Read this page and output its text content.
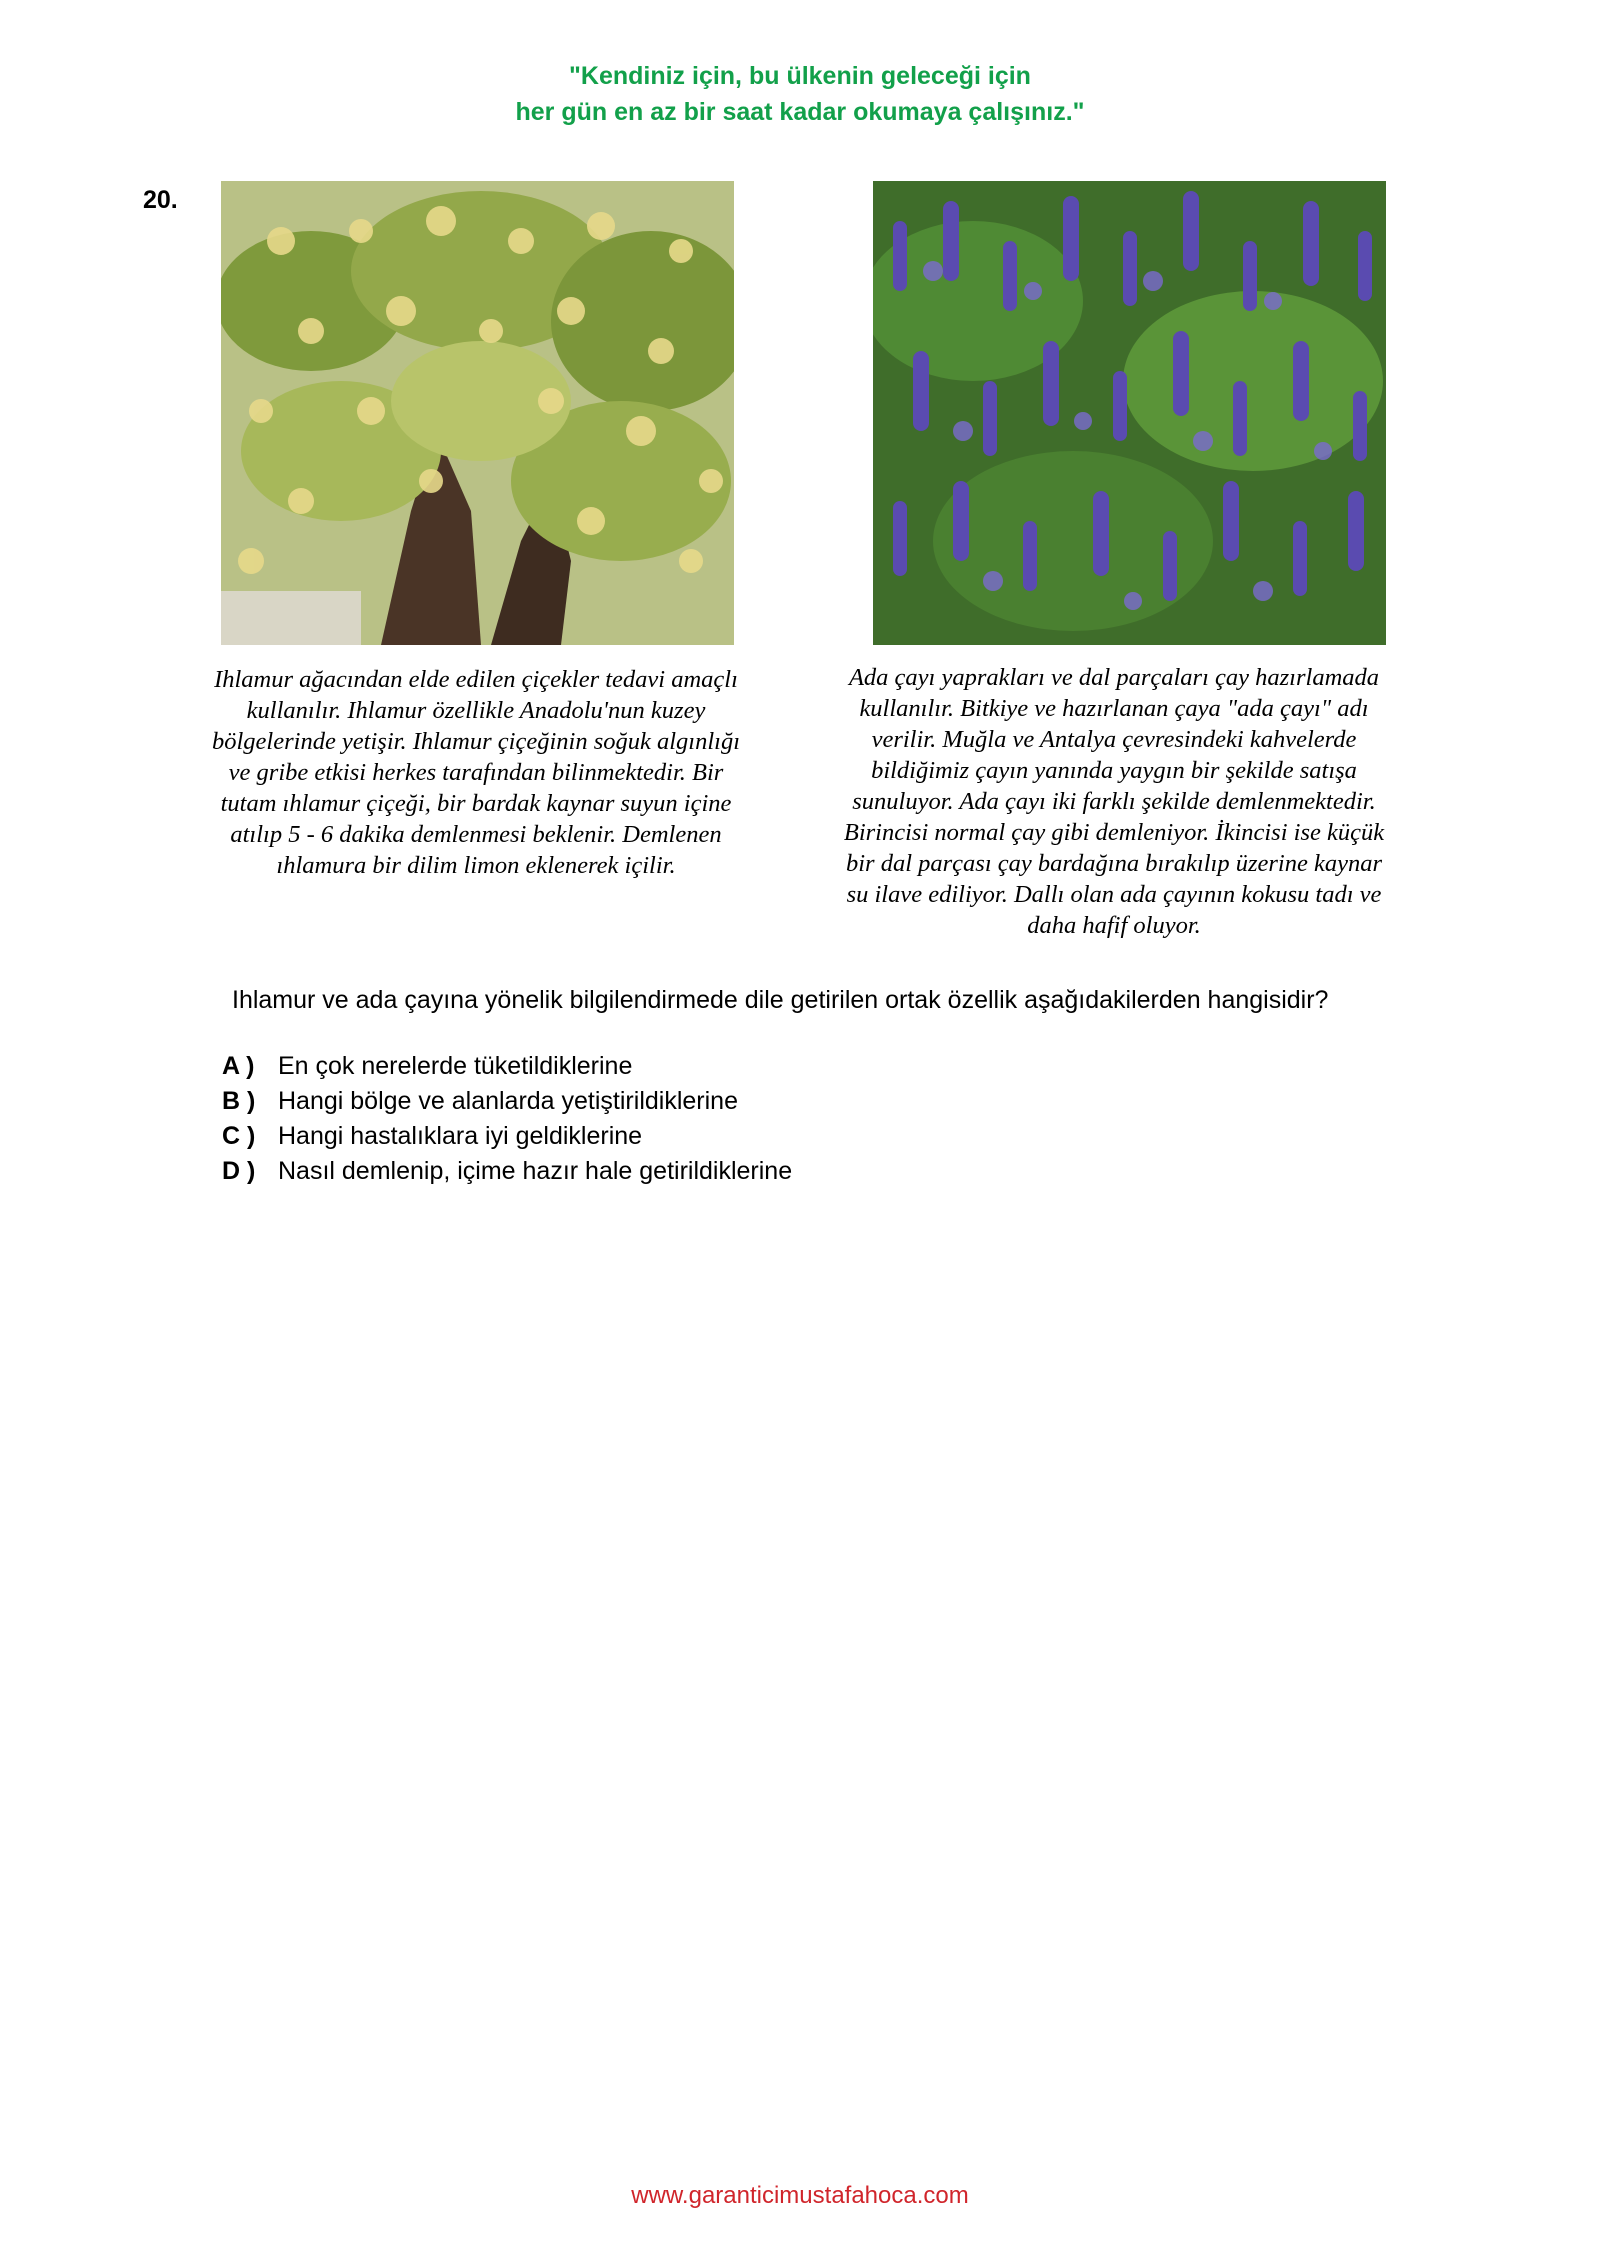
"Kendiniz için, bu ülkenin geleceği için
her gün en az bir saat kadar okumaya çalışınız."
20.
Ihlamur ağacından elde edilen çiçekler tedavi amaçlı kullanılır. Ihlamur özellikle Anadolu'nun kuzey bölgelerinde yetişir. Ihlamur çiçeğinin soğuk algınlığı ve gribe etkisi herkes tarafından bilinmektedir. Bir tutam ıhlamur çiçeği, bir bardak kaynar suyun içine atılıp 5 - 6 dakika demlenmesi beklenir. Demlenen ıhlamura bir dilim limon eklenerek içilir.
Ada çayı yaprakları ve dal parçaları çay hazırlamada kullanılır. Bitkiye ve hazırlanan çaya "ada çayı" adı verilir. Muğla ve Antalya çevresindeki kahvelerde bildiğimiz çayın yanında yaygın bir şekilde satışa sunuluyor. Ada çayı iki farklı şekilde demlenmektedir. Birincisi normal çay gibi demleniyor. İkincisi ise küçük bir dal parçası çay bardağına bırakılıp üzerine kaynar su ilave ediliyor. Dallı olan ada çayının kokusu tadı ve daha hafif oluyor.
Ihlamur ve ada çayına yönelik bilgilendirmede dile getirilen ortak özellik aşağıdakilerden hangisidir?
A ) En çok nerelerde tüketildiklerine
B ) Hangi bölge ve alanlarda yetiştirildiklerine
C ) Hangi hastalıklara iyi geldiklerine
D ) Nasıl demlenip, içime hazır hale getirildiklerine
www.garanticimustafahoca.com
